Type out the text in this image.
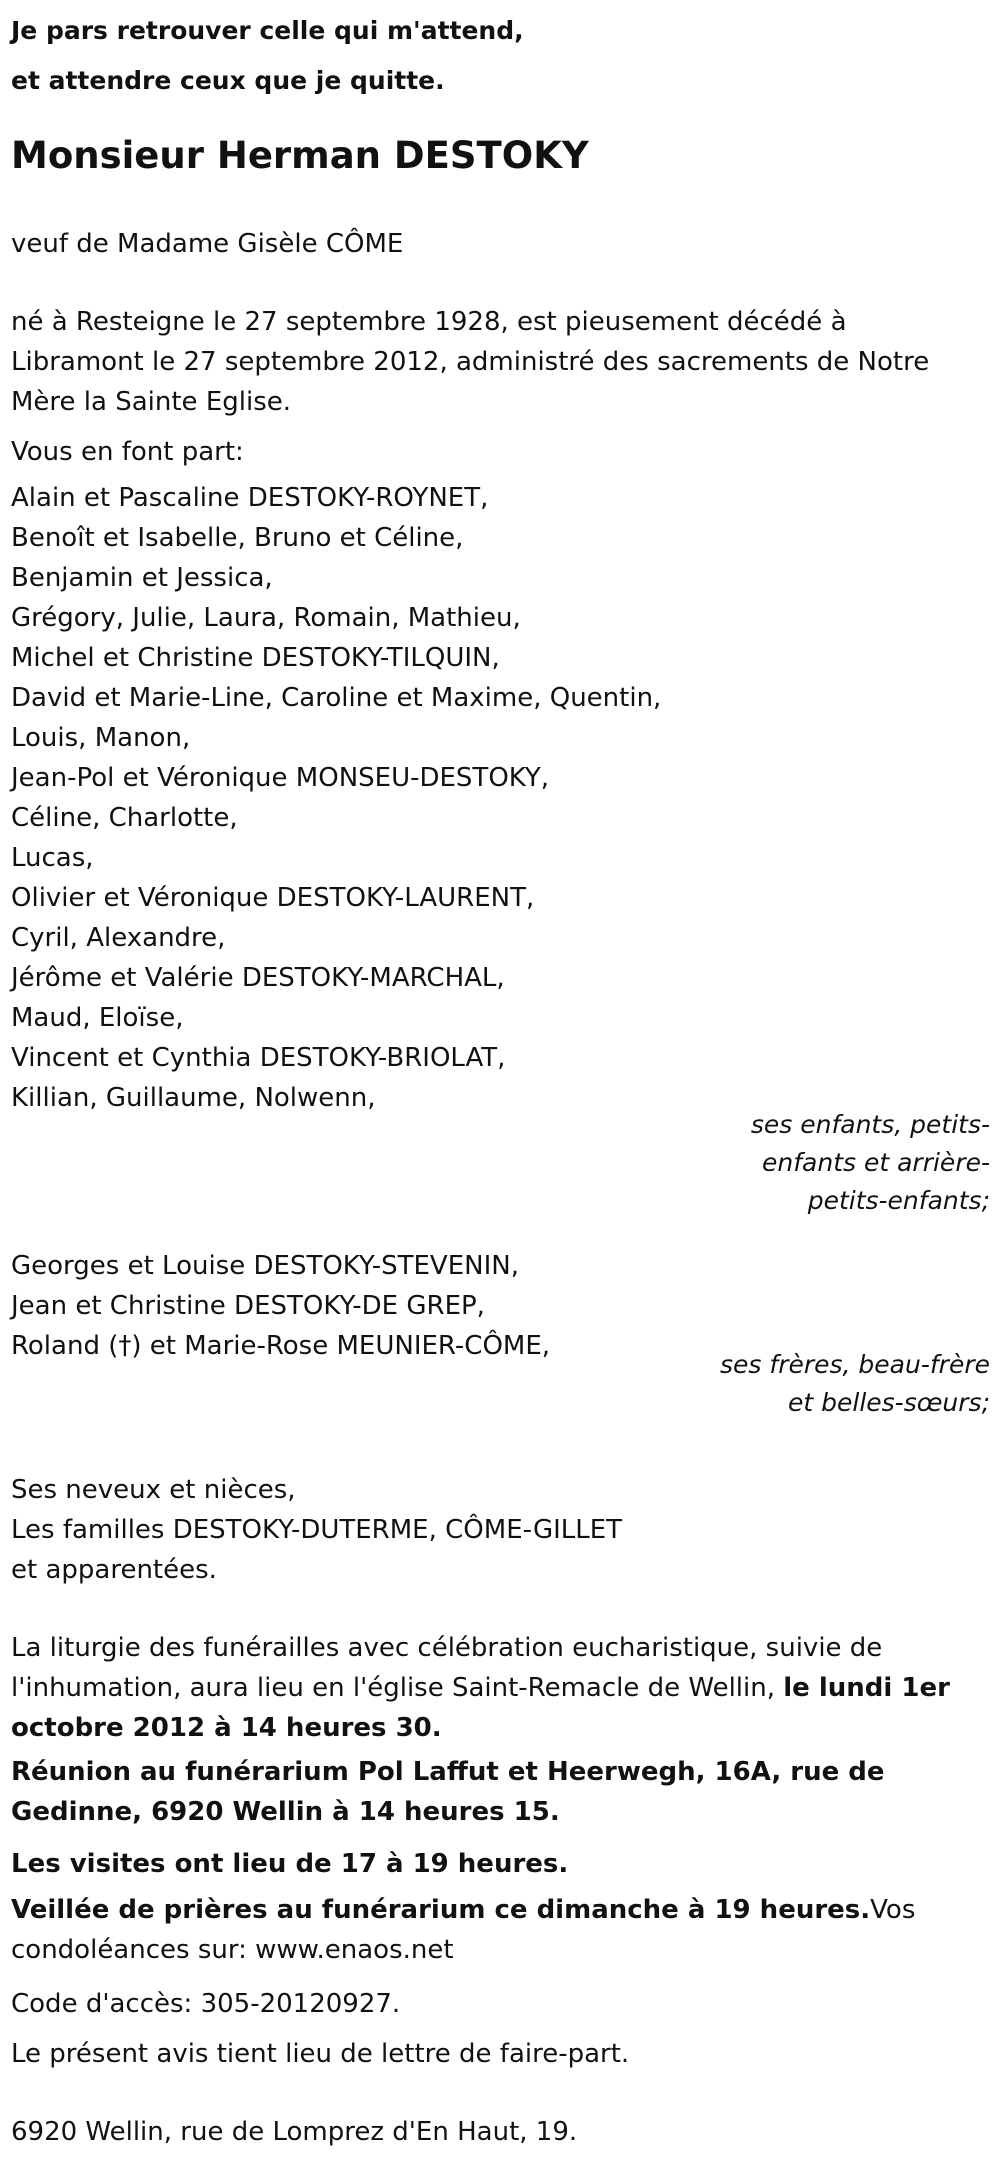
Je pars retrouver celle qui m'attend,
et attendre ceux que je quitte.
Monsieur Herman DESTOKY
veuf de Madame Gisèle CÔME
né à Resteigne le 27 septembre 1928, est pieusement décédé à Libramont le 27 septembre 2012, administré des sacrements de Notre Mère la Sainte Eglise.
Vous en font part:
Alain et Pascaline DESTOKY-ROYNET,
Benoît et Isabelle, Bruno et Céline,
Benjamin et Jessica,
Grégory, Julie, Laura, Romain, Mathieu,
Michel et Christine DESTOKY-TILQUIN,
David et Marie-Line, Caroline et Maxime, Quentin,
Louis, Manon,
Jean-Pol et Véronique MONSEU-DESTOKY,
Céline, Charlotte,
Lucas,
Olivier et Véronique DESTOKY-LAURENT,
Cyril, Alexandre,
Jérôme et Valérie DESTOKY-MARCHAL,
Maud, Eloïse,
Vincent et Cynthia DESTOKY-BRIOLAT,
Killian, Guillaume, Nolwenn,
ses enfants, petits-enfants et arrière-petits-enfants;
Georges et Louise DESTOKY-STEVENIN,
Jean et Christine DESTOKY-DE GREP,
Roland (†) et Marie-Rose MEUNIER-CÔME,
ses frères, beau-frère et belles-sœurs;
Ses neveux et nièces,
Les familles DESTOKY-DUTERME, CÔME-GILLET
et apparentées.
La liturgie des funérailles avec célébration eucharistique, suivie de l'inhumation, aura lieu en l'église Saint-Remacle de Wellin, le lundi 1er octobre 2012 à 14 heures 30.
Réunion au funérarium Pol Laffut et Heerwegh, 16A, rue de Gedinne, 6920 Wellin à 14 heures 15.
Les visites ont lieu de 17 à 19 heures.
Veillée de prières au funérarium ce dimanche à 19 heures.Vos condoléances sur: www.enaos.net
Code d'accès: 305-20120927.
Le présent avis tient lieu de lettre de faire-part.
6920 Wellin, rue de Lomprez d'En Haut, 19.
